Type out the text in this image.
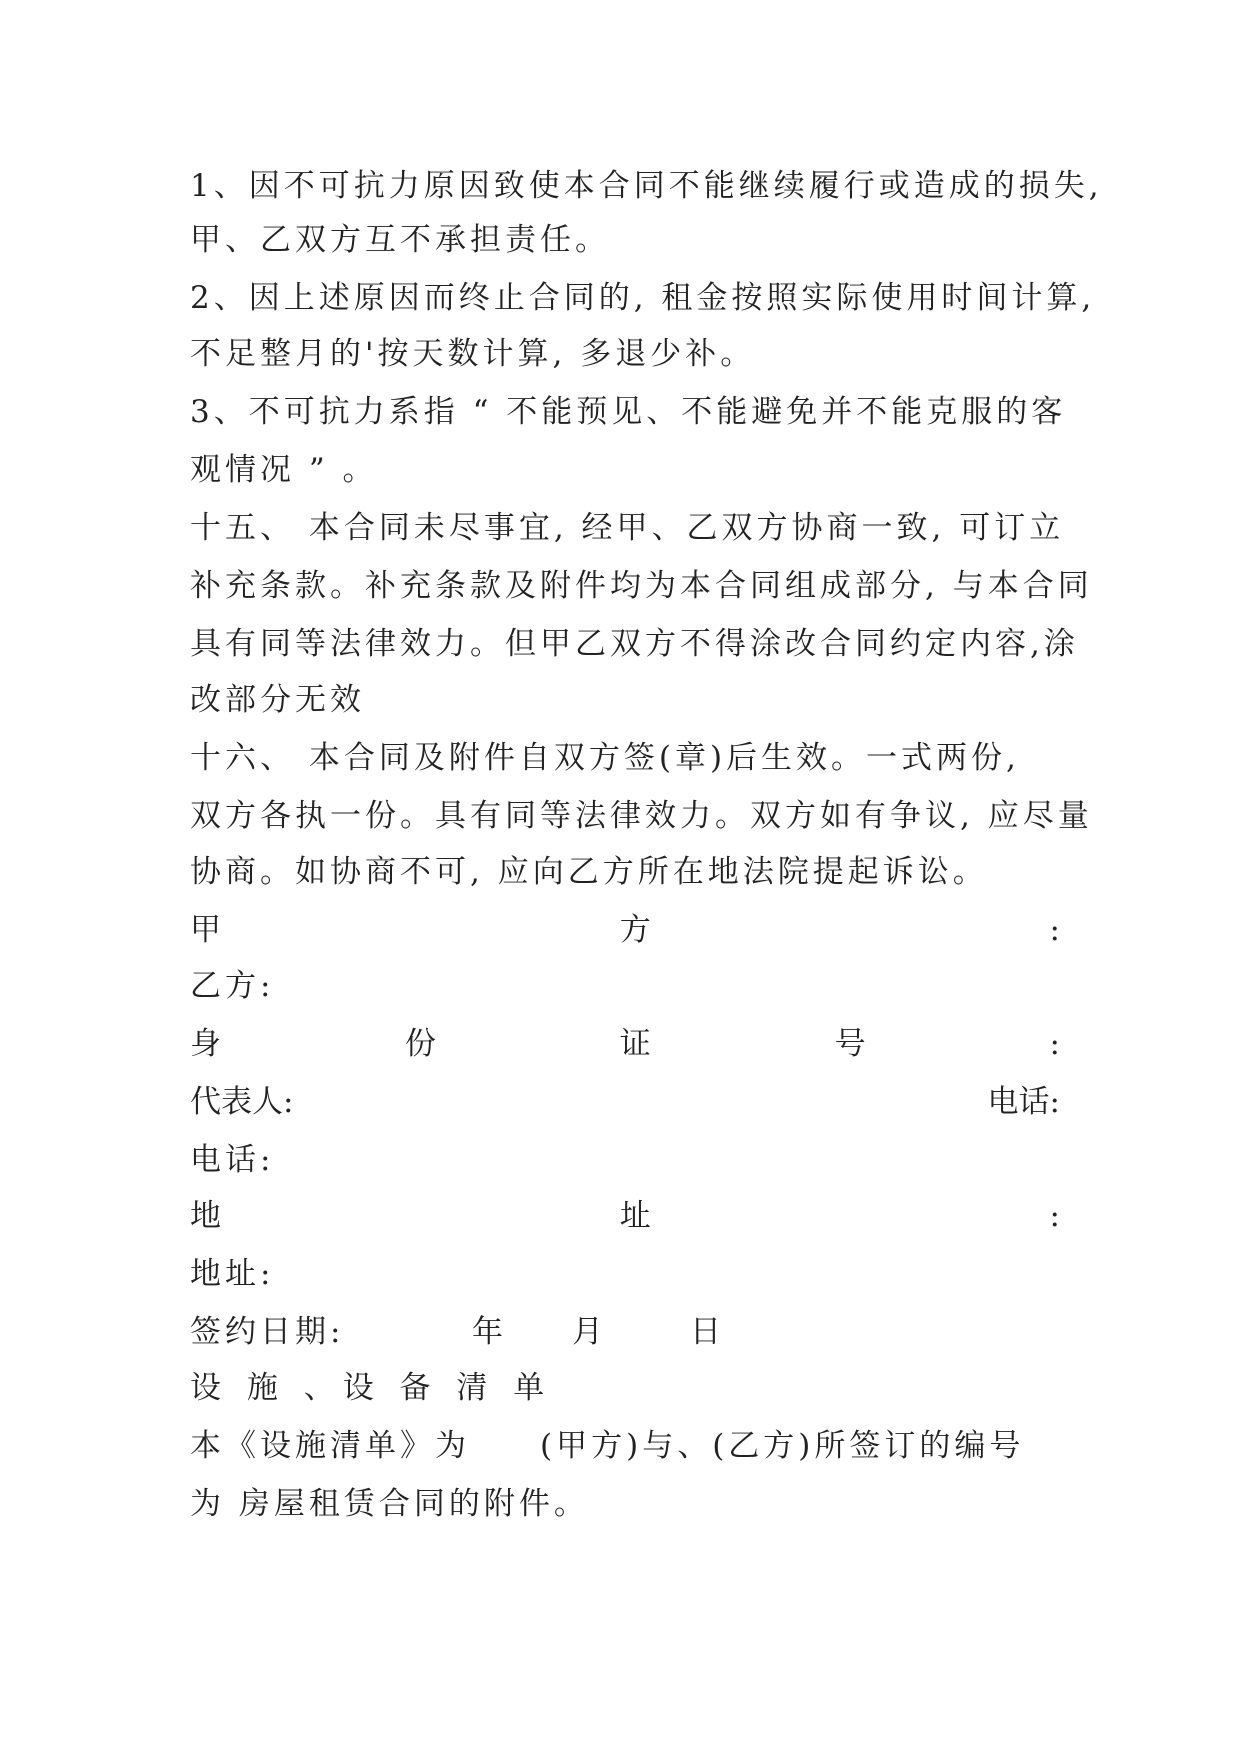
1、因不可抗力原因致使本合同不能继续履行或造成的损失,
甲、乙双方互不承担责任。
2、因上述原因而终止合同的, 租金按照实际使用时间计算,
不足整月的'按天数计算, 多退少补。
3、不可抗力系指 “ 不能预见、不能避免并不能克服的客
观情况 ” 。
十五、 本合同未尽事宜, 经甲、乙双方协商一致, 可订立
补充条款。补充条款及附件均为本合同组成部分, 与本合同
具有同等法律效力。但甲乙双方不得涂改合同约定内容,涂
改部分无效
十六、 本合同及附件自双方签(章)后生效。一式两份,
双方各执一份。具有同等法律效力。双方如有争议, 应尽量
协商。如协商不可, 应向乙方所在地法院提起诉讼。
甲	方	:
乙方:
身	份	证	号	:
代表人:	电话:
电话:
地	址	:
地址:
签约日期:	年 月	日
设 施 、设 备 清 单
本《设施清单》为 (甲方)与、(乙方)所签订的编号
为 房屋租赁合同的附件。
